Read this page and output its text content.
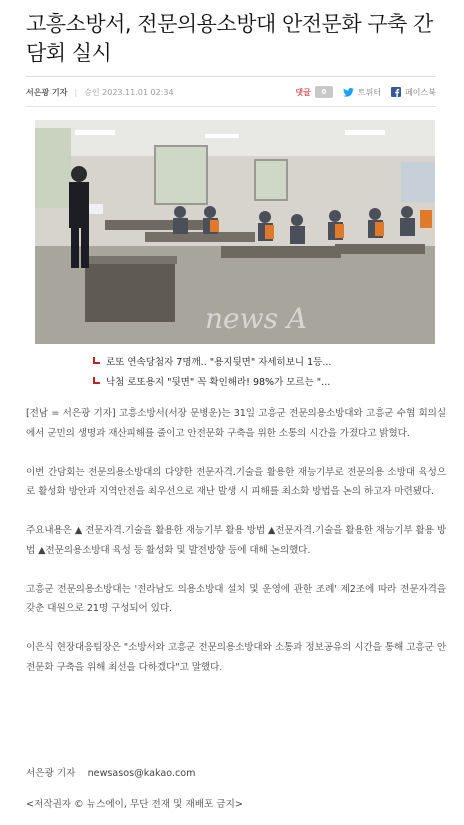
고흥소방서, 전문의용소방대 안전문화 구축 간담회 실시
서은광 기자 | 승인 2023.11.01 02:34	댓글	0	트위터	페이스북
news A
로또 연속당첨자 7명깨.. "용지뒷면" 자세히보니 1등...
낙첨 로또용지 "뒷면" 꼭 확인해라! 98%가 모르는 "...

[전남 = 서은광 기자] 고흥소방서(서장 문병운)는 31일 고흥군 전문의용소방대와 고흥군 수협 회의실에서 군민의 생명과 재산피해를 줄이고 안전문화 구축을 위한 소통의 시간을 가졌다고 밝혔다.

이번 간담회는 전문의용소방대의 다양한 전문자격.기술을 활용한 재능기부로 전문의용 소방대 육성으로 활성화 방안과 지역안전을 최우선으로 재난 발생 시 피해를 최소화 방법을 논의 하고자 마련됐다.

주요내용은 ▲ 전문자격.기술을 활용한 재능기부 활용 방법 ▲전문자격.기술을 활용한 재능기부 활용 방법 ▲전문의용소방대 육성 등 활성화 및 발전방향 등에 대해 논의했다.

고흥군 전문의용소방대는 '전라남도 의용소방대 설치 및 운영에 관한 조례' 제2조에 따라 전문자격을 갖춘 대원으로 21명 구성되어 있다.

이은식 현장대응팀장은 "소방서와 고흥군 전문의용소방대와 소통과 정보공유의 시간을 통해 고흥군 안전문화 구축을 위해 최선을 다하겠다"고 말했다.

서은광 기자    newsasos@kakao.com
<저작권자 © 뉴스에이, 무단 전재 및 재배포 금지>
